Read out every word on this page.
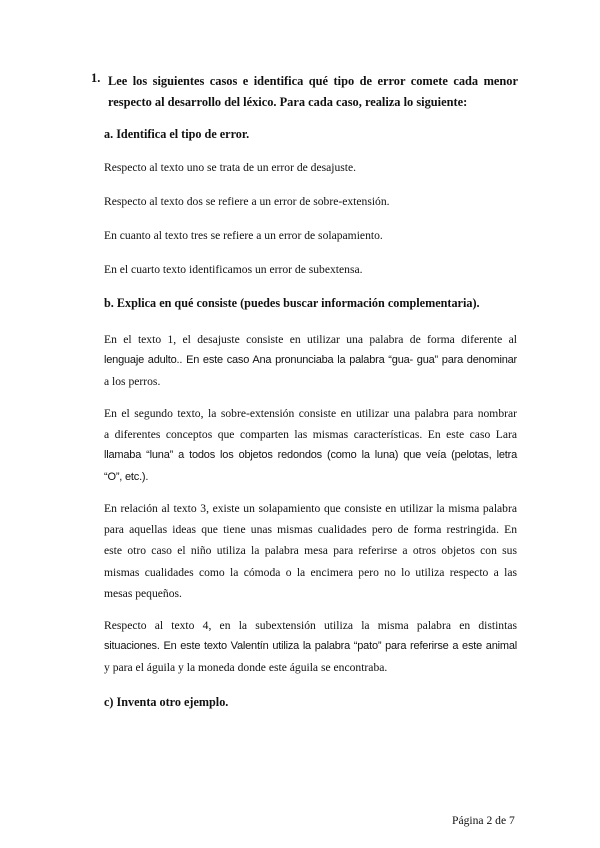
1. Lee los siguientes casos e identifica qué tipo de error comete cada menor
respecto al desarrollo del léxico. Para cada caso, realiza lo siguiente:
a. Identifica el tipo de error.
Respecto al texto uno se trata de un error de desajuste.
Respecto al texto dos se refiere a un error de sobre-extensión.
En cuanto al texto tres se refiere a un error de solapamiento.
En el cuarto texto identificamos un error de subextensa.
b. Explica en qué consiste (puedes buscar información complementaria).
En el texto 1, el desajuste consiste en utilizar una palabra de forma diferente al
lenguaje adulto.. En este caso Ana pronunciaba la palabra “gua- gua” para denominar
a los perros.
En el segundo texto, la sobre-extensión consiste en utilizar una palabra para nombrar
a diferentes conceptos que comparten las mismas características. En este caso Lara
llamaba “luna” a todos los objetos redondos (como la luna) que veía (pelotas, letra
“O”, etc.).
En relación al texto 3, existe un solapamiento que consiste en utilizar la misma palabra
para aquellas ideas que tiene unas mismas cualidades pero de forma restringida. En
este otro caso el niño utiliza la palabra mesa para referirse a otros objetos con sus
mismas cualidades como la cómoda o la encimera pero no lo utiliza respecto a las
mesas pequeños.
Respecto al texto 4, en la subextensión utiliza la misma palabra en distintas
situaciones. En este texto Valentín utiliza la palabra “pato” para referirse a este animal
y para el águila y la moneda donde este águila se encontraba.
c) Inventa otro ejemplo.
Página 2 de 7
